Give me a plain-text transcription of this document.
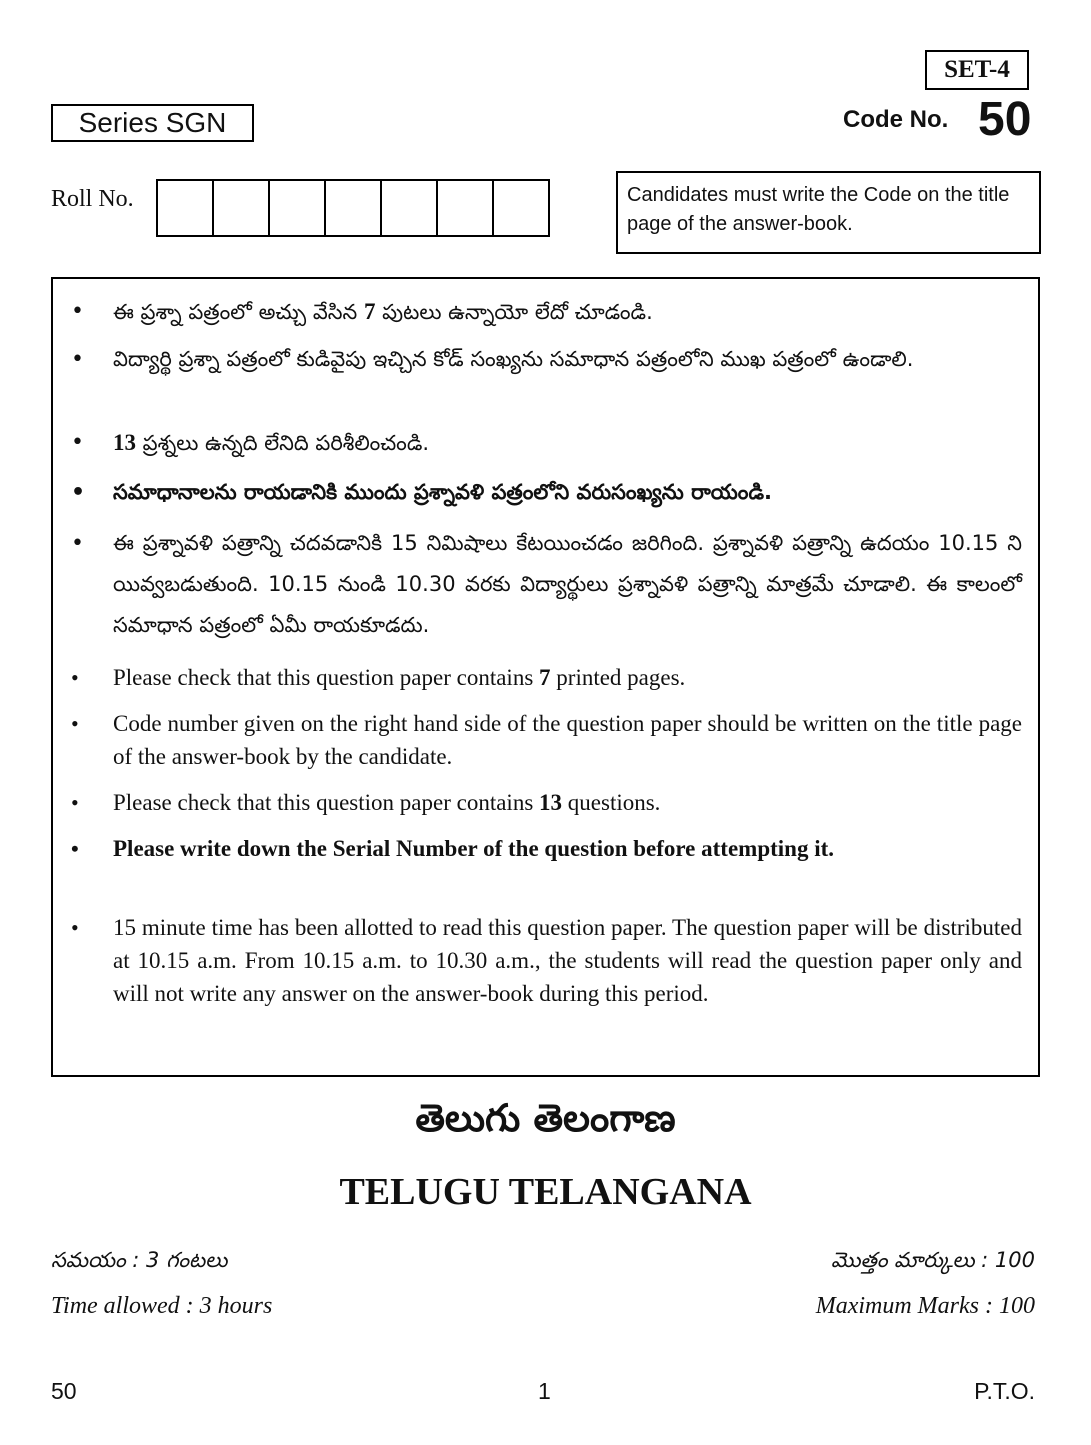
SET-4
Series SGN	Code No. 50
Roll No.	Candidates must write the Code on the title page of the answer-book.
• ఈ ప్రశ్నా పత్రంలో అచ్చు వేసిన 7 పుటలు ఉన్నాయో లేదో చూడండి.
• విద్యార్థి ప్రశ్నా పత్రంలో కుడివైపు ఇచ్చిన కోడ్ సంఖ్యను సమాధాన పత్రంలోని ముఖ పత్రంలో ఉండాలి.
• 13 ప్రశ్నలు ఉన్నది లేనిది పరిశీలించండి.
• సమాధానాలను రాయడానికి ముందు ప్రశ్నావళి పత్రంలోని వరుసంఖ్యను రాయండి.
• ఈ ప్రశ్నావళి పత్రాన్ని చదవడానికి 15 నిమిషాలు కేటయించడం జరిగింది. ప్రశ్నావళి పత్రాన్ని ఉదయం 10.15 ని యివ్వబడుతుంది. 10.15 నుండి 10.30 వరకు విద్యార్థులు ప్రశ్నావళి పత్రాన్ని మాత్రమే చూడాలి. ఈ కాలంలో సమాధాన పత్రంలో ఏమీ రాయకూడదు.
• Please check that this question paper contains 7 printed pages.
• Code number given on the right hand side of the question paper should be written on the title page of the answer-book by the candidate.
• Please check that this question paper contains 13 questions.
• Please write down the Serial Number of the question before attempting it.
• 15 minute time has been allotted to read this question paper. The question paper will be distributed at 10.15 a.m. From 10.15 a.m. to 10.30 a.m., the students will read the question paper only and will not write any answer on the answer-book during this period.
తెలుగు తెలంగాణ
TELUGU TELANGANA
సమయం : 3 గంటలు	మొత్తం మార్కులు : 100
Time allowed : 3 hours	Maximum Marks : 100
50	1	P.T.O.
